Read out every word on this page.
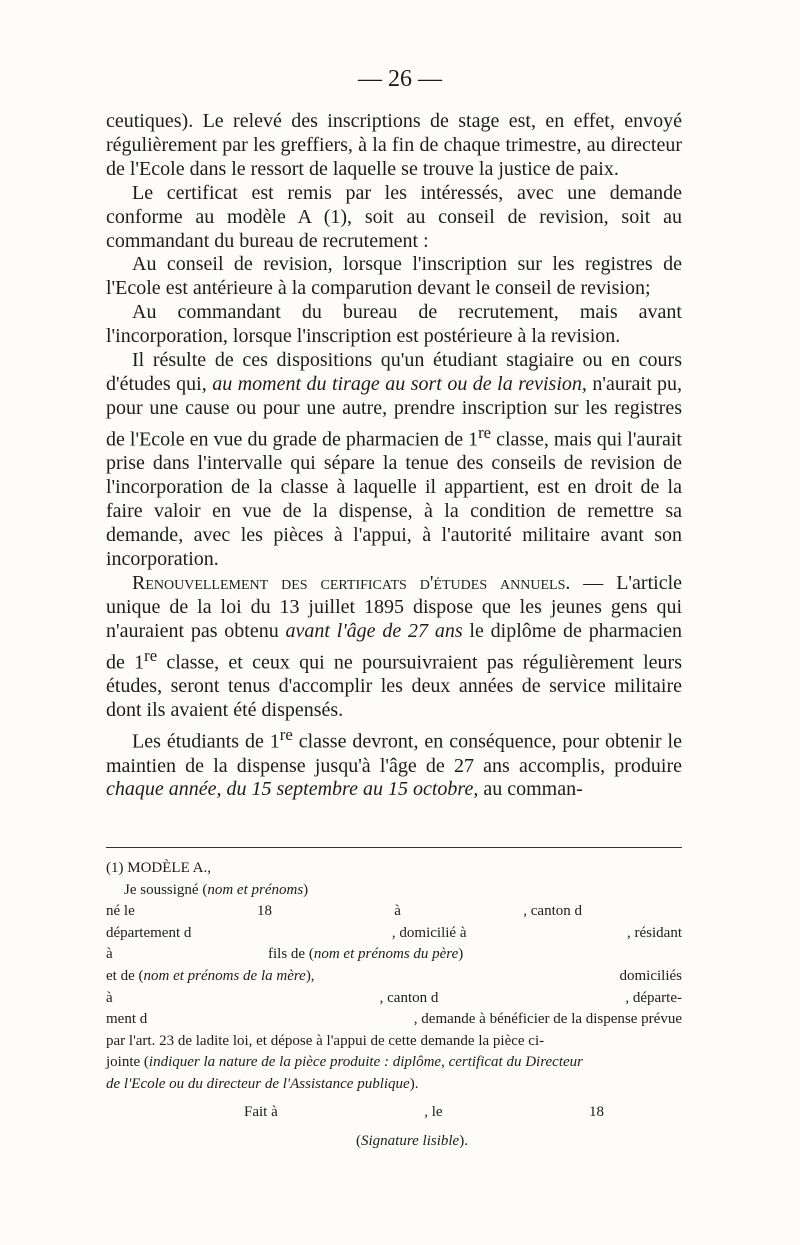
— 26 —

ceutiques). Le relevé des inscriptions de stage est, en effet, envoyé régulièrement par les greffiers, à la fin de chaque trimestre, au directeur de l'Ecole dans le ressort de laquelle se trouve la justice de paix.

Le certificat est remis par les intéressés, avec une demande conforme au modèle A (1), soit au conseil de revision, soit au commandant du bureau de recrutement :

Au conseil de revision, lorsque l'inscription sur les registres de l'Ecole est antérieure à la comparution devant le conseil de revision;

Au commandant du bureau de recrutement, mais avant l'incorporation, lorsque l'inscription est postérieure à la revision.

Il résulte de ces dispositions qu'un étudiant stagiaire ou en cours d'études qui, au moment du tirage au sort ou de la revision, n'aurait pu, pour une cause ou pour une autre, prendre inscription sur les registres de l'Ecole en vue du grade de pharmacien de 1re classe, mais qui l'aurait prise dans l'intervalle qui sépare la tenue des conseils de revision de l'incorporation de la classe à laquelle il appartient, est en droit de la faire valoir en vue de la dispense, à la condition de remettre sa demande, avec les pièces à l'appui, à l'autorité militaire avant son incorporation.

Renouvellement des certificats d'études annuels. — L'article unique de la loi du 13 juillet 1895 dispose que les jeunes gens qui n'auraient pas obtenu avant l'âge de 27 ans le diplôme de pharmacien de 1re classe, et ceux qui ne poursuivraient pas régulièrement leurs études, seront tenus d'accomplir les deux années de service militaire dont ils avaient été dispensés.

Les étudiants de 1re classe devront, en conséquence, pour obtenir le maintien de la dispense jusqu'à l'âge de 27 ans accomplis, produire chaque année, du 15 septembre au 15 octobre, au comman-

(1) MODÈLE A.,
Je soussigné ( nom et prénoms )
né le	18	à	, canton d
département d	, domicilié à	, résidant
à	fils de ( nom et prénoms du père )
et de (nom et prénoms de la mère),	domiciliés
à	, canton d	, départe-
ment d	, demande à bénéficier de la dispense prévue
par l'art. 23 de ladite loi, et dépose à l'appui de cette demande la pièce ci-
jointe ( indiquer la nature de la pièce produite : diplôme, certificat du Directeur
de l'Ecole ou du directeur de l'Assistance publique ).
Fait à	, le	18
(Signature lisible).
